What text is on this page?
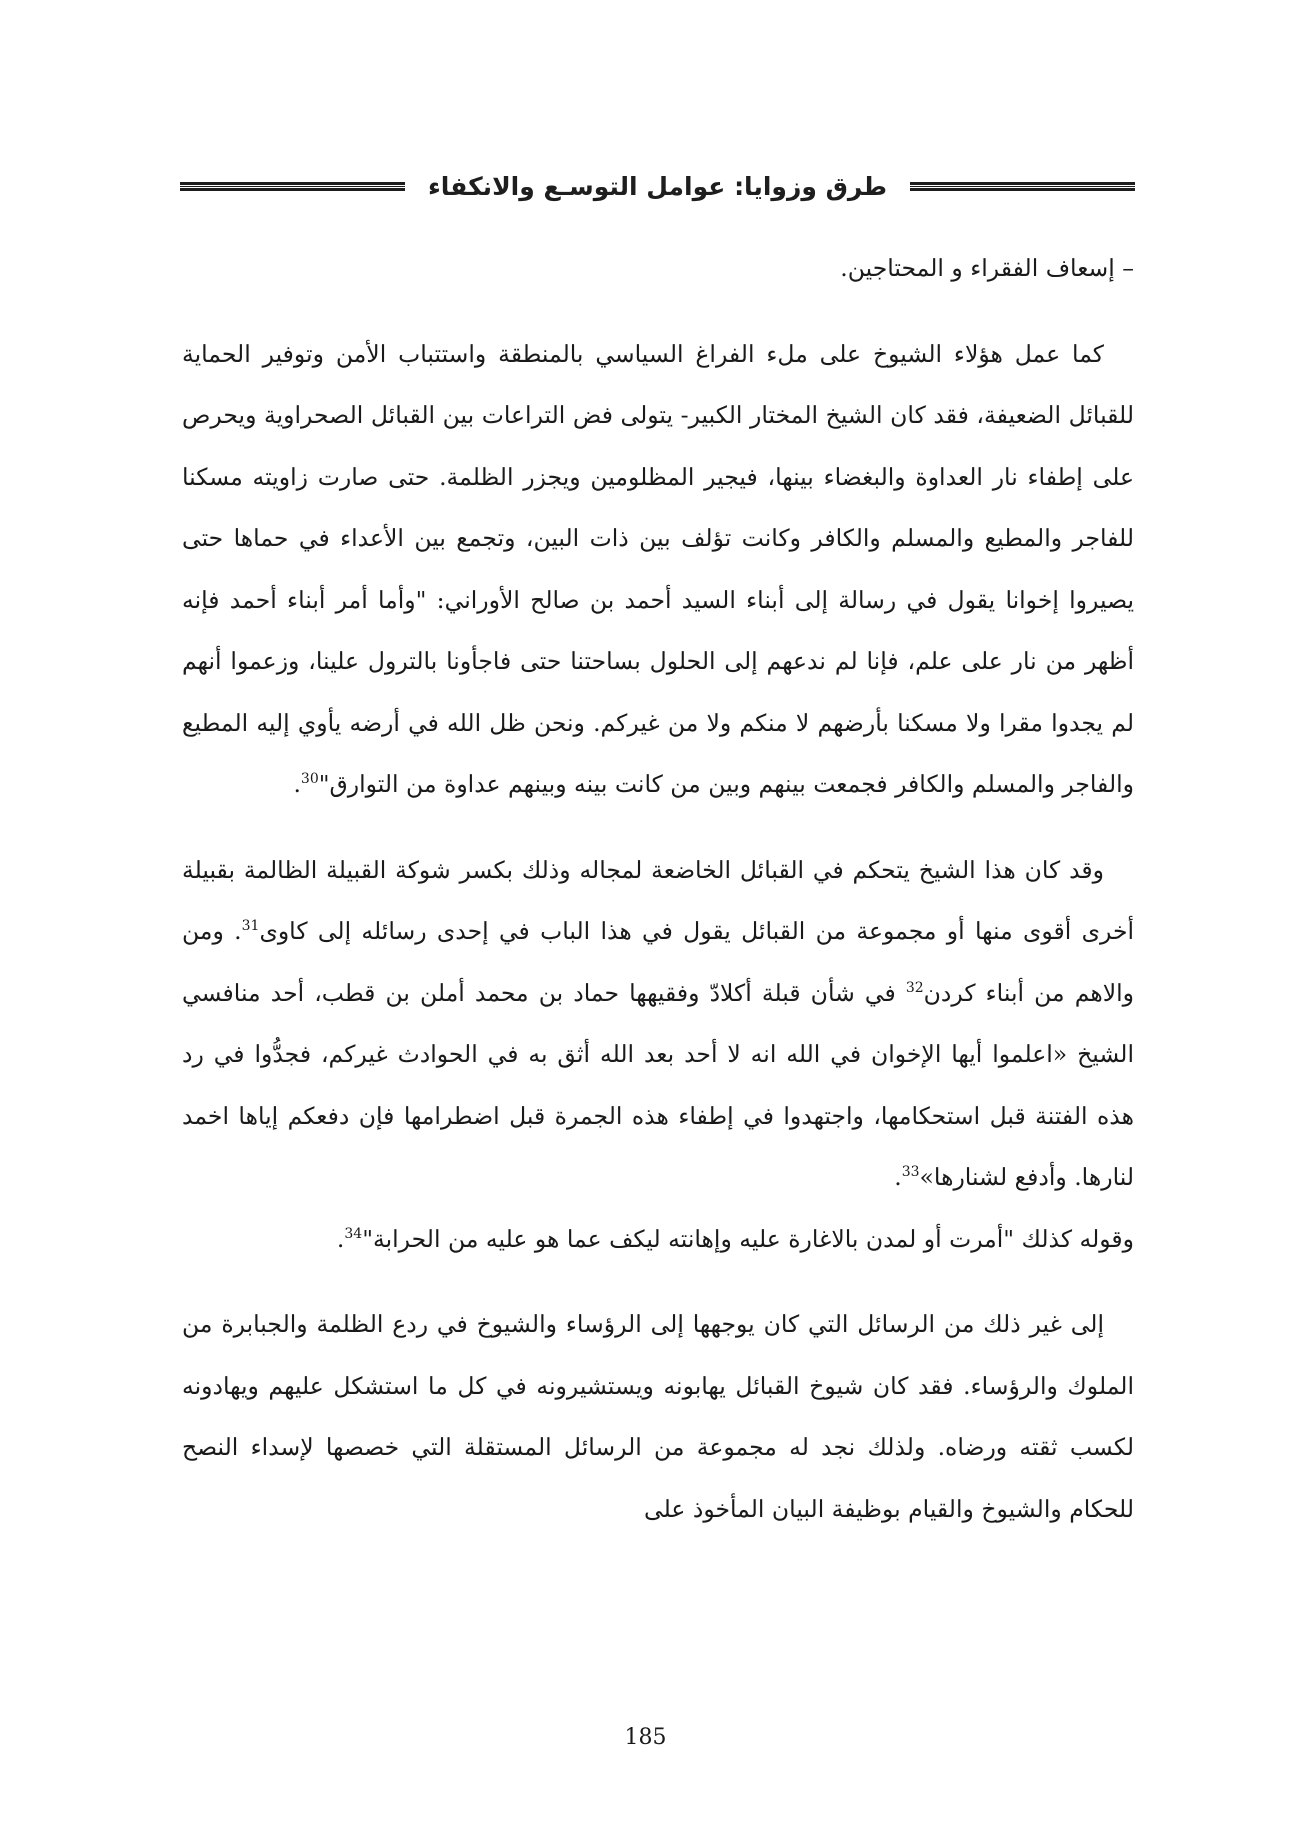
طرق وزوايا: عوامل التوسـع والانكفاء

– إسعاف الفقراء و المحتاجين.

كما عمل هؤلاء الشيوخ على ملء الفراغ السياسي بالمنطقة واستتباب الأمن وتوفير الحماية للقبائل الضعيفة، فقد كان الشيخ المختار الكبير- يتولى فض التراعات بين القبائل الصحراوية ويحرص على إطفاء نار العداوة والبغضاء بينها، فيجير المظلومين ويجزر الظلمة. حتى صارت زاويته مسكنا للفاجر والمطيع والمسلم والكافر وكانت تؤلف بين ذات البين، وتجمع بين الأعداء في حماها حتى يصيروا إخوانا يقول في رسالة إلى أبناء السيد أحمد بن صالح الأوراني: "وأما أمر أبناء أحمد فإنه أظهر من نار على علم، فإنا لم ندعهم إلى الحلول بساحتنا حتى فاجأونا بالترول علينا، وزعموا أنهم لم يجدوا مقرا ولا مسكنا بأرضهم لا منكم ولا من غيركم. ونحن ظل الله في أرضه يأوي إليه المطيع والفاجر والمسلم والكافر فجمعت بينهم وبين من كانت بينه وبينهم عداوة من التوارق"$^{30}$.

وقد كان هذا الشيخ يتحكم في القبائل الخاضعة لمجاله وذلك بكسر شوكة القبيلة الظالمة بقبيلة أخرى أقوى منها أو مجموعة من القبائل يقول في هذا الباب في إحدى رسائله إلى كاوى$^{31}$. ومن والاهم من أبناء كردن$^{32}$ في شأن قبلة أكلادّ وفقيهها حماد بن محمد أملن بن قطب، أحد منافسي الشيخ «اعلموا أيها الإخوان في الله انه لا أحد بعد الله أثق به في الحوادث غيركم، فجدُّوا في رد هذه الفتنة قبل استحكامها، واجتهدوا في إطفاء هذه الجمرة قبل اضطرامها فإن دفعكم إياها اخمد لنارها. وأدفع لشنارها»$^{33}$.
وقوله كذلك "أمرت أو لمدن بالاغارة عليه وإهانته ليكف عما هو عليه من الحرابة"$^{34}$.

إلى غير ذلك من الرسائل التي كان يوجهها إلى الرؤساء والشيوخ في ردع الظلمة والجبابرة من الملوك والرؤساء. فقد كان شيوخ القبائل يهابونه ويستشيرونه في كل ما استشكل عليهم ويهادونه لكسب ثقته ورضاه. ولذلك نجد له مجموعة من الرسائل المستقلة التي خصصها لإسداء النصح للحكام والشيوخ والقيام بوظيفة البيان المأخوذ على

185
